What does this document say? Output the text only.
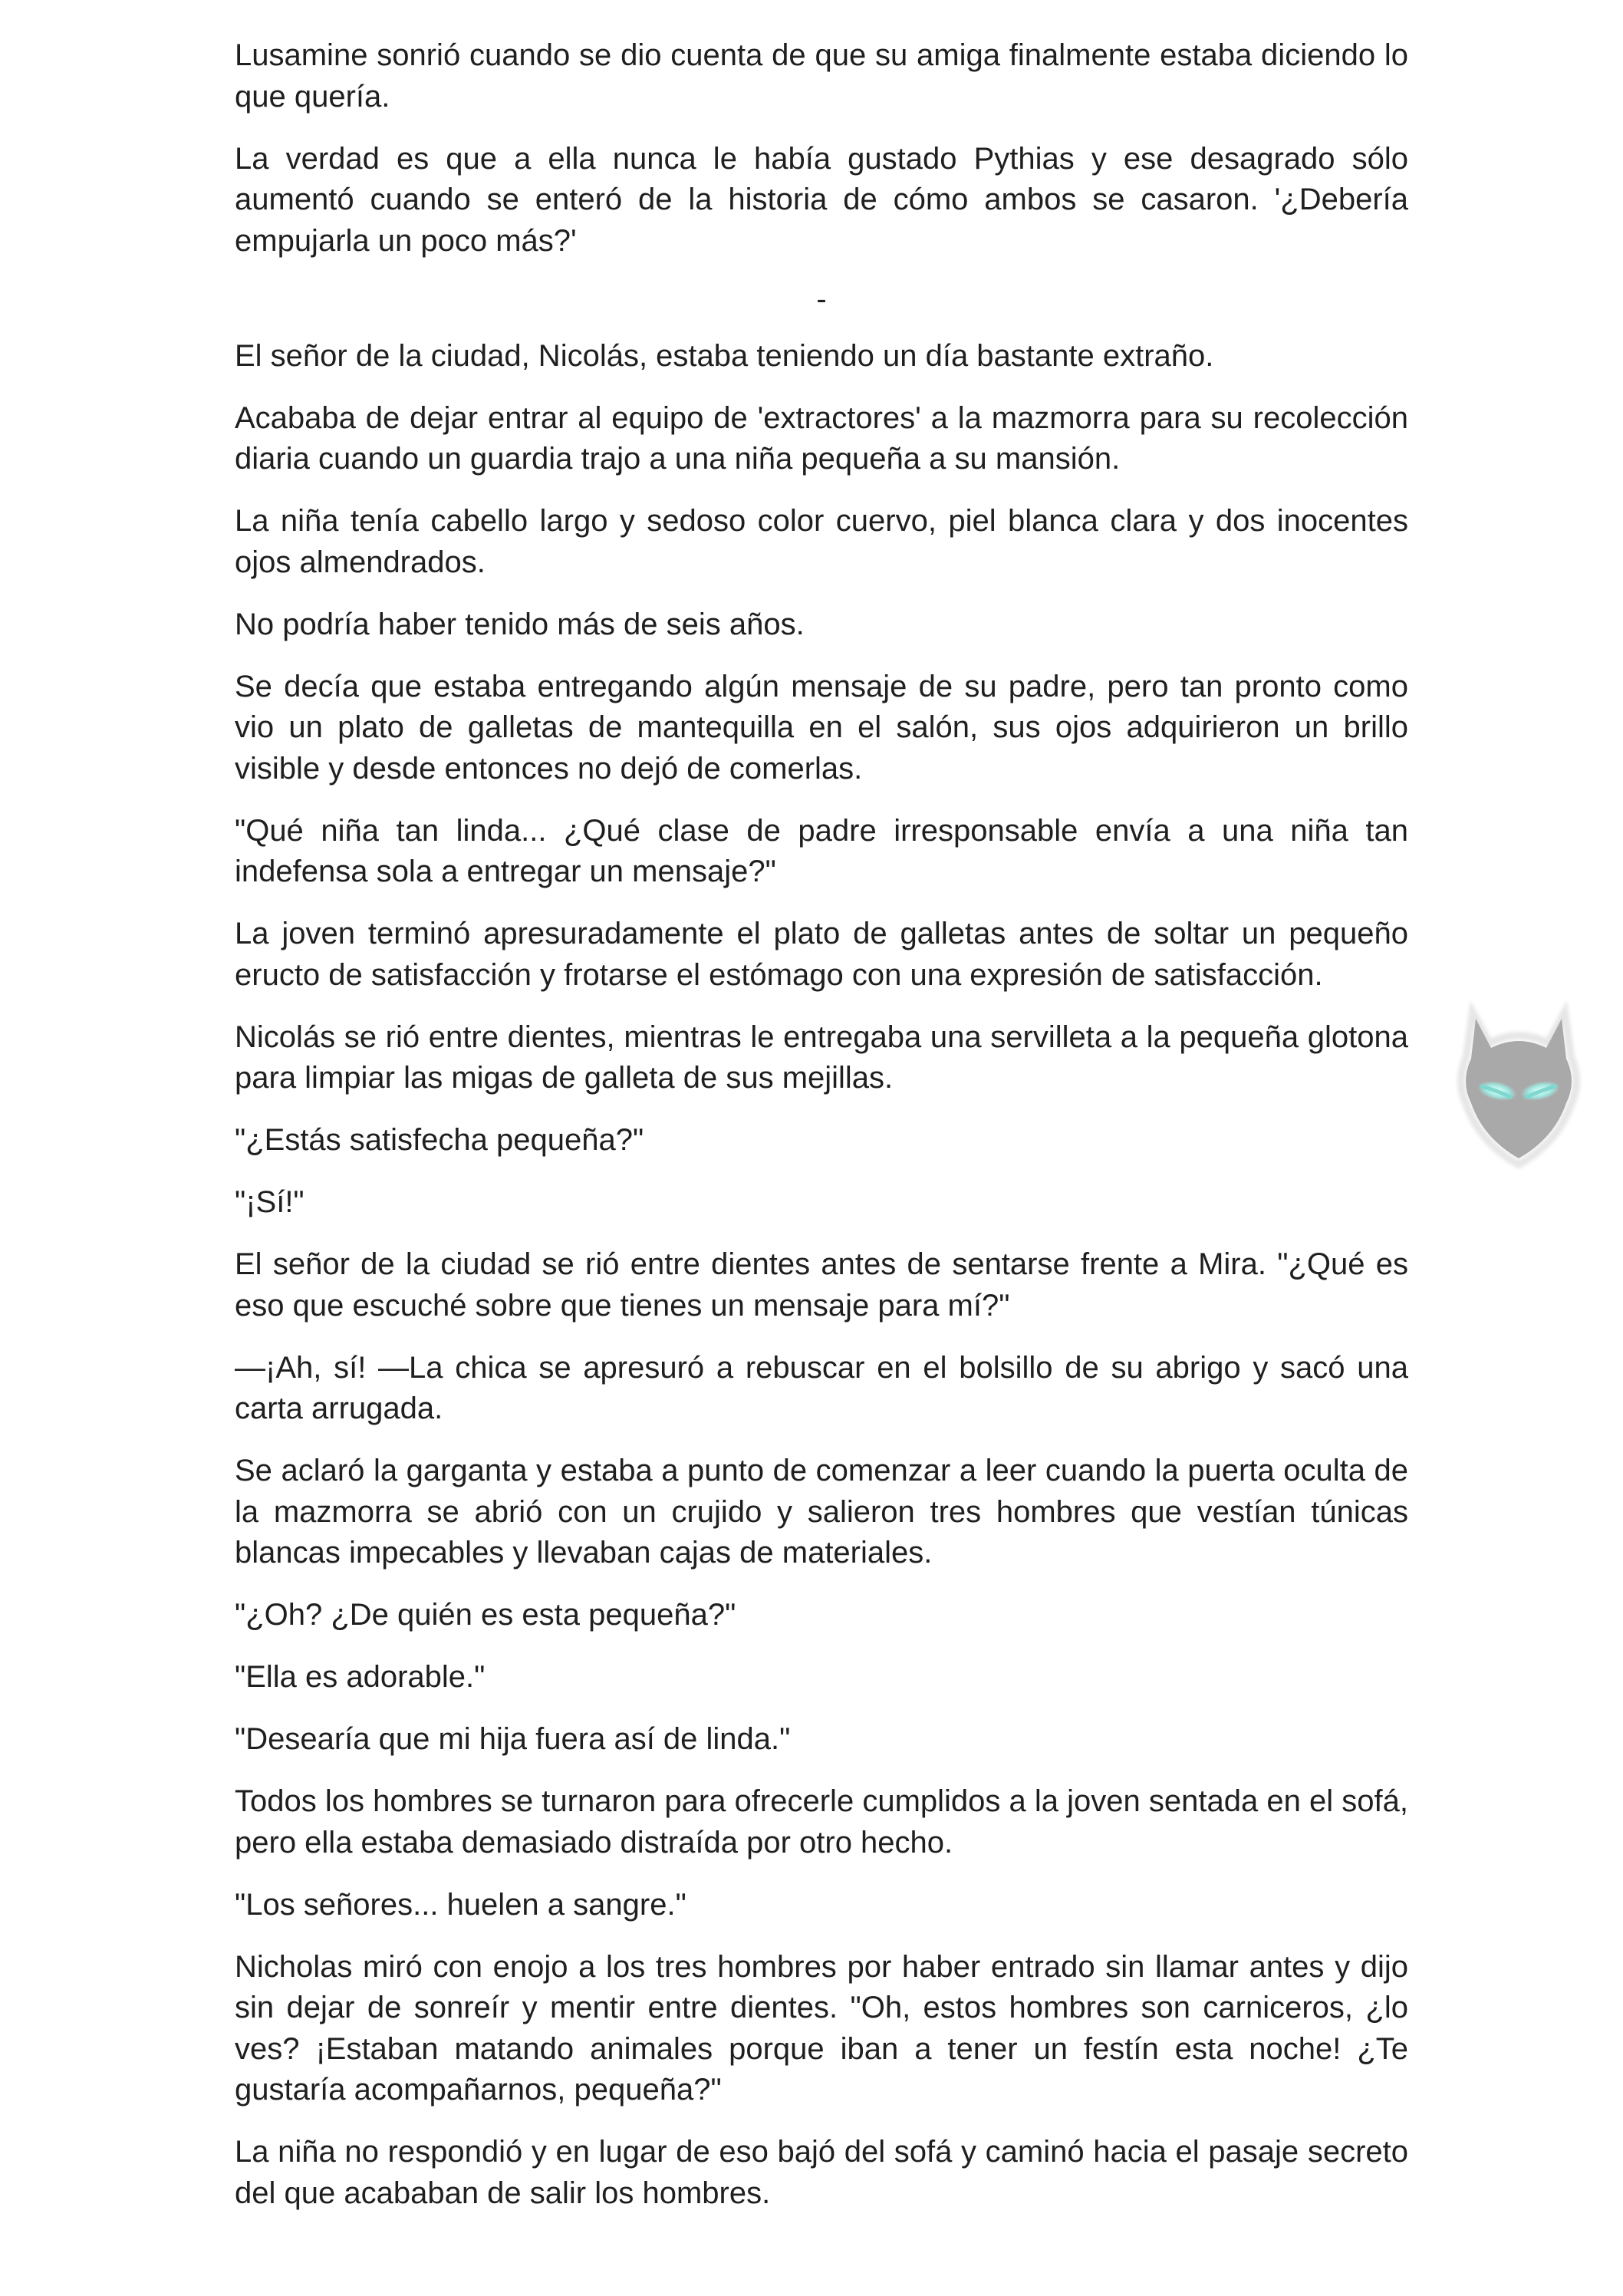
Lusamine sonrió cuando se dio cuenta de que su amiga finalmente estaba diciendo lo que quería.

La verdad es que a ella nunca le había gustado Pythias y ese desagrado sólo aumentó cuando se enteró de la historia de cómo ambos se casaron. '¿Debería empujarla un poco más?'

-

El señor de la ciudad, Nicolás, estaba teniendo un día bastante extraño.

Acababa de dejar entrar al equipo de 'extractores' a la mazmorra para su recolección diaria cuando un guardia trajo a una niña pequeña a su mansión.

La niña tenía cabello largo y sedoso color cuervo, piel blanca clara y dos inocentes ojos almendrados.

No podría haber tenido más de seis años.

Se decía que estaba entregando algún mensaje de su padre, pero tan pronto como vio un plato de galletas de mantequilla en el salón, sus ojos adquirieron un brillo visible y desde entonces no dejó de comerlas.

"Qué niña tan linda... ¿Qué clase de padre irresponsable envía a una niña tan indefensa sola a entregar un mensaje?"

La joven terminó apresuradamente el plato de galletas antes de soltar un pequeño eructo de satisfacción y frotarse el estómago con una expresión de satisfacción.

Nicolás se rió entre dientes, mientras le entregaba una servilleta a la pequeña glotona para limpiar las migas de galleta de sus mejillas.

"¿Estás satisfecha pequeña?"

"¡Sí!"

El señor de la ciudad se rió entre dientes antes de sentarse frente a Mira. "¿Qué es eso que escuché sobre que tienes un mensaje para mí?"

—¡Ah, sí! —La chica se apresuró a rebuscar en el bolsillo de su abrigo y sacó una carta arrugada.

Se aclaró la garganta y estaba a punto de comenzar a leer cuando la puerta oculta de la mazmorra se abrió con un crujido y salieron tres hombres que vestían túnicas blancas impecables y llevaban cajas de materiales.

"¿Oh? ¿De quién es esta pequeña?"

"Ella es adorable."

"Desearía que mi hija fuera así de linda."

Todos los hombres se turnaron para ofrecerle cumplidos a la joven sentada en el sofá, pero ella estaba demasiado distraída por otro hecho.

"Los señores... huelen a sangre."

Nicholas miró con enojo a los tres hombres por haber entrado sin llamar antes y dijo sin dejar de sonreír y mentir entre dientes. "Oh, estos hombres son carniceros, ¿lo ves? ¡Estaban matando animales porque iban a tener un festín esta noche! ¿Te gustaría acompañarnos, pequeña?"

La niña no respondió y en lugar de eso bajó del sofá y caminó hacia el pasaje secreto del que acababan de salir los hombres.
